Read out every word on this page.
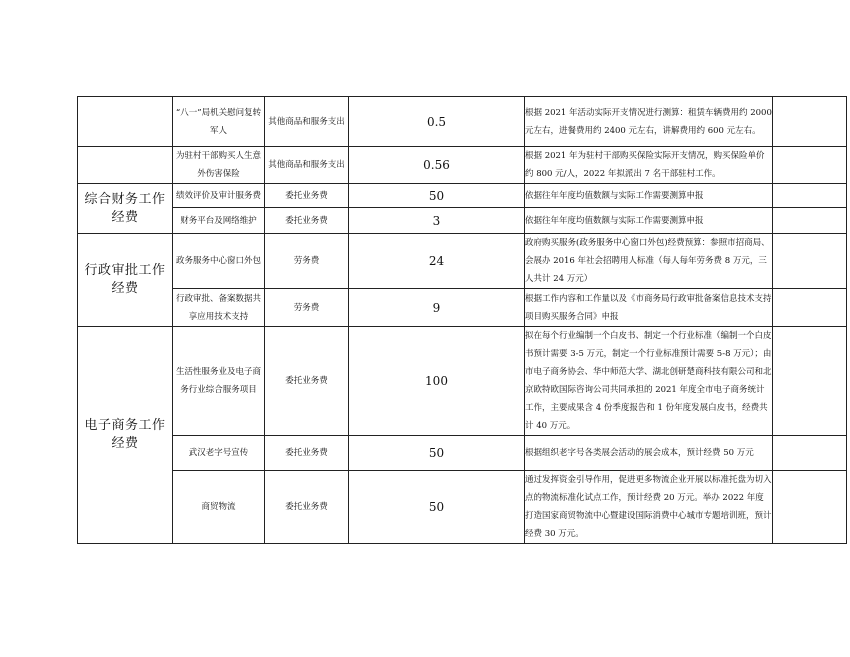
	“八一”局机关慰问复转军人	其他商品和服务支出	0.5	根据 2021 年活动实际开支情况进行测算：租赁车辆费用约 2000 元左右，进餐费用约 2400 元左右，讲解费用约 600 元左右。	
	为驻村干部购买人生意外伤害保险	其他商品和服务支出	0.56	根据 2021 年为驻村干部购买保险实际开支情况，购买保险单价约 800 元/人，2022 年拟派出 7 名干部驻村工作。	
综合财务工作经费	绩效评价及审计服务费	委托业务费	50	依据往年年度均值数额与实际工作需要测算申报	
	财务平台及网络维护	委托业务费	3	依据往年年度均值数额与实际工作需要测算申报	
行政审批工作经费	政务服务中心窗口外包	劳务费	24	政府购买服务(政务服务中心窗口外包)经费预算：参照市招商局、会展办 2016 年社会招聘用人标准（每人每年劳务费 8 万元，三人共计 24 万元）	
	行政审批、备案数据共享应用技术支持	劳务费	9	根据工作内容和工作量以及《市商务局行政审批备案信息技术支持项目购买服务合同》申报	
电子商务工作经费	生活性服务业及电子商务行业综合服务项目	委托业务费	100	拟在每个行业编制一个白皮书、制定一个行业标准（编制一个白皮书预计需要 3-5 万元，制定一个行业标准预计需要 5-8 万元）；由市电子商务协会、华中师范大学、湖北创研楚商科技有限公司和北京欧特欧国际咨询公司共同承担的 2021 年度全市电子商务统计工作，主要成果含 4 份季度报告和 1 份年度发展白皮书，经费共计 40 万元。	
	武汉老字号宣传	委托业务费	50	根据组织老字号各类展会活动的展会成本，预计经费 50 万元	
	商贸物流	委托业务费	50	通过发挥资金引导作用，促进更多物流企业开展以标准托盘为切入点的物流标准化试点工作，预计经费 20 万元。举办 2022 年度打造国家商贸物流中心暨建设国际消费中心城市专题培训班，预计经费 30 万元。	
